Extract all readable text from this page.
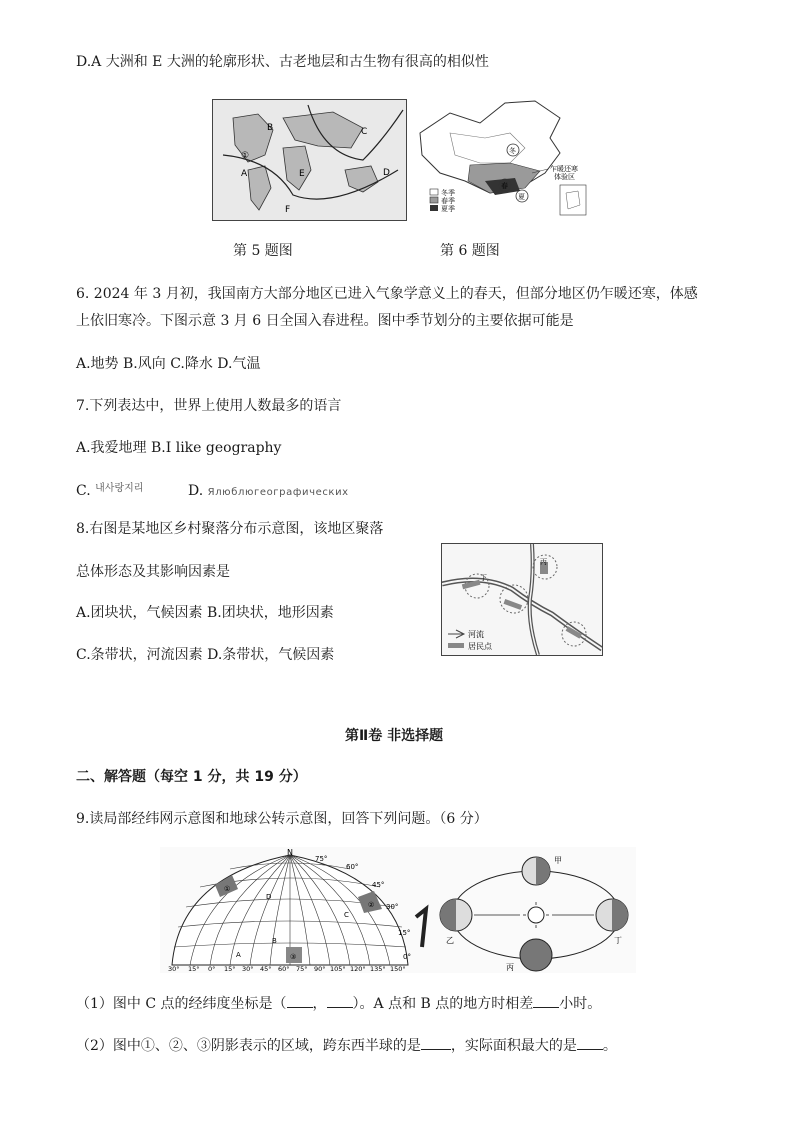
D.A 大洲和 E 大洲的轮廓形状、古老地层和古生物有很高的相似性
B	C
A	D
F
E
①	冬
春
夏
冬季
春季
夏季
乍暖还寒
体验区
第 5 题图	第 6 题图
6. 2024 年 3 月初，我国南方大部分地区已进入气象学意义上的春天，但部分地区仍乍暖还寒，体感
上依旧寒冷。下图示意 3 月 6 日全国入春进程。图中季节划分的主要依据可能是
A.地势 B.风向 C.降水 D.气温
7.下列表达中，世界上使用人数最多的语言
A.我爱地理 B.I like geography
C. $^{내사랑지리}$	D. Ялюблюгеографических
8.右图是某地区乡村聚落分布示意图，该地区聚落
总体形态及其影响因素是
A.团块状，气候因素 B.团块状，地形因素
C.条带状，河流因素 D.条带状，气候因素
丙
丁
河流
居民点
第Ⅱ卷 非选择题
二、解答题（每空 1 分，共 19 分）
9.读局部经纬网示意图和地球公转示意图，回答下列问题。（6 分）
N
75°
60°
45°
30°
15°
0°
D
C
B
A
①
②
③
30° 15° 0° 15° 30° 45° 60° 75° 90° 105° 120° 135° 150°
甲
乙
丙
丁
（1）图中 C 点的经纬度坐标是（ ， ）。A 点和 B 点的地方时相差 小时。
（2）图中①、②、③阴影表示的区域，跨东西半球的是 ，实际面积最大的是 。
